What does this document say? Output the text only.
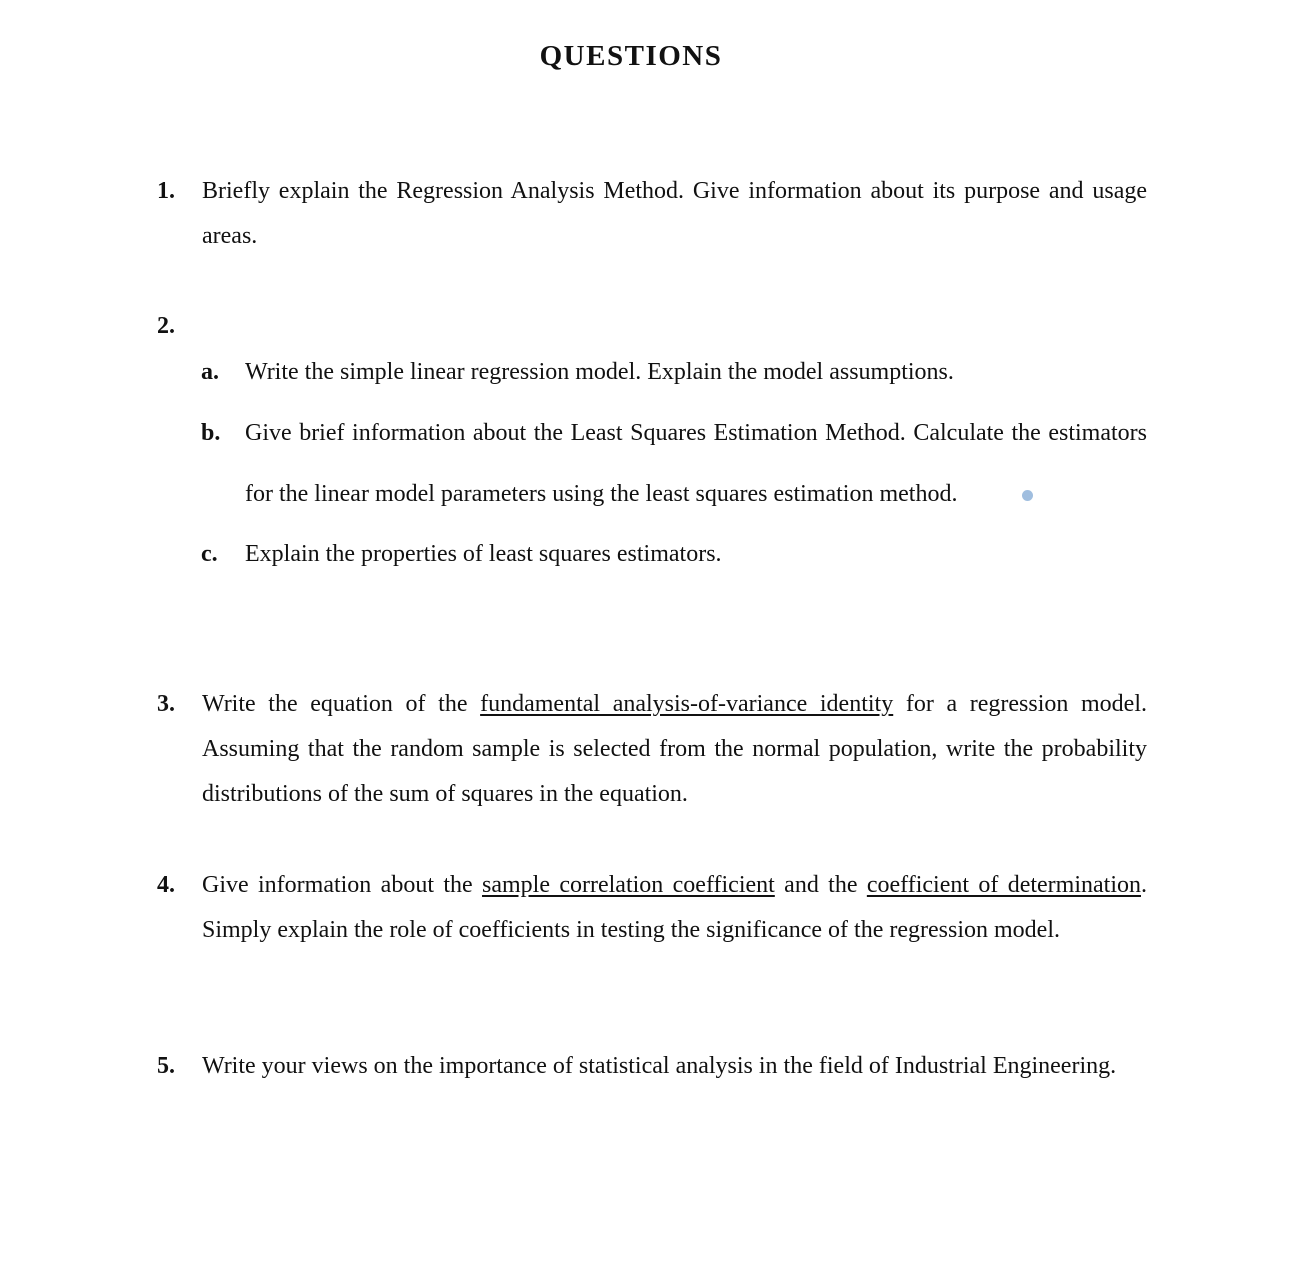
QUESTIONS
1. Briefly explain the Regression Analysis Method. Give information about its purpose and usage areas.
2.
a. Write the simple linear regression model. Explain the model assumptions.
b. Give brief information about the Least Squares Estimation Method. Calculate the estimators for the linear model parameters using the least squares estimation method.
c. Explain the properties of least squares estimators.
3. Write the equation of the fundamental analysis-of-variance identity for a regression model. Assuming that the random sample is selected from the normal population, write the probability distributions of the sum of squares in the equation.
4. Give information about the sample correlation coefficient and the coefficient of determination. Simply explain the role of coefficients in testing the significance of the regression model.
5. Write your views on the importance of statistical analysis in the field of Industrial Engineering.
